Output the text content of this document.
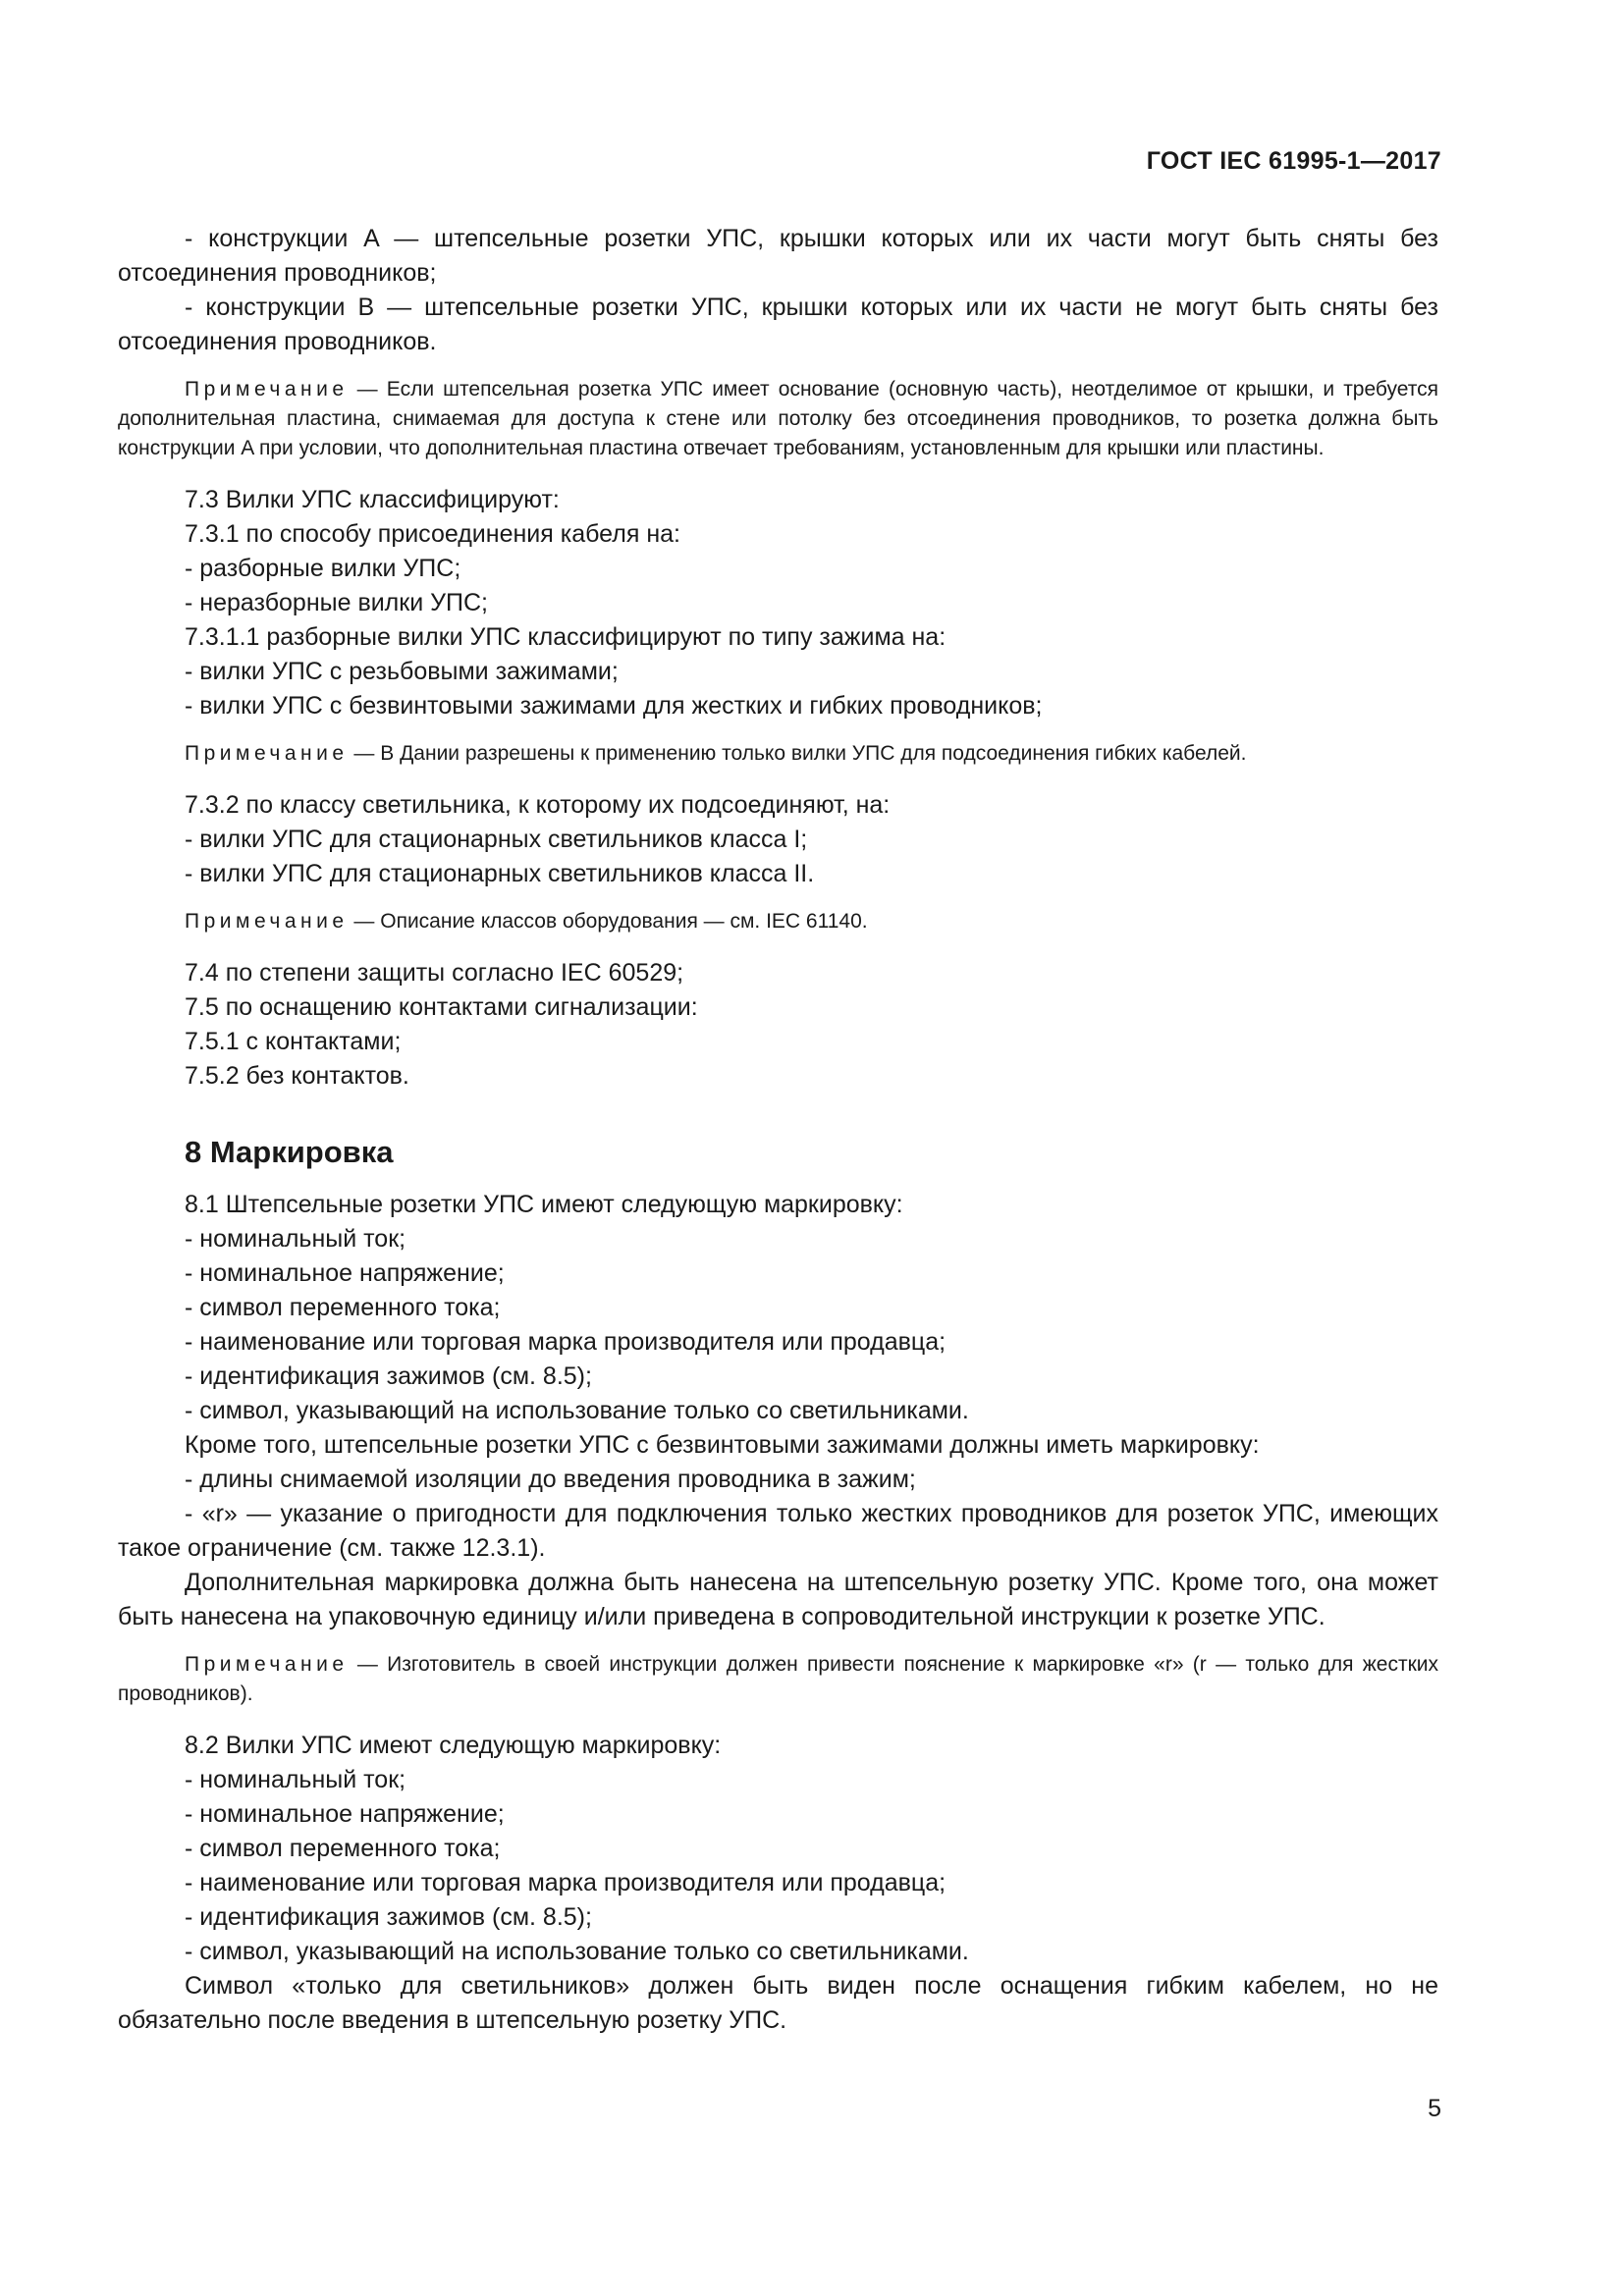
ГОСТ IEC 61995-1—2017

- конструкции A — штепсельные розетки УПС, крышки которых или их части могут быть сняты без отсоединения проводников;

- конструкции B — штепсельные розетки УПС, крышки которых или их части не могут быть сняты без отсоединения проводников.

Примечание — Если штепсельная розетка УПС имеет основание (основную часть), неотделимое от крышки, и требуется дополнительная пластина, снимаемая для доступа к стене или потолку без отсоединения проводников, то розетка должна быть конструкции A при условии, что дополнительная пластина отвечает требованиям, установленным для крышки или пластины.

7.3 Вилки УПС классифицируют:

7.3.1 по способу присоединения кабеля на:

- разборные вилки УПС;

- неразборные вилки УПС;

7.3.1.1 разборные вилки УПС классифицируют по типу зажима на:

- вилки УПС с резьбовыми зажимами;

- вилки УПС с безвинтовыми зажимами для жестких и гибких проводников;

Примечание — В Дании разрешены к применению только вилки УПС для подсоединения гибких кабелей.

7.3.2 по классу светильника, к которому их подсоединяют, на:

- вилки УПС для стационарных светильников класса I;

- вилки УПС для стационарных светильников класса II.

Примечание — Описание классов оборудования — см. IEC 61140.

7.4 по степени защиты согласно IEC 60529;

7.5 по оснащению контактами сигнализации:

7.5.1 с контактами;

7.5.2 без контактов.

8 Маркировка

8.1 Штепсельные розетки УПС имеют следующую маркировку:

- номинальный ток;

- номинальное напряжение;

- символ переменного тока;

- наименование или торговая марка производителя или продавца;

- идентификация зажимов (см. 8.5);

- символ, указывающий на использование только со светильниками.

Кроме того, штепсельные розетки УПС с безвинтовыми зажимами должны иметь маркировку:

- длины снимаемой изоляции до введения проводника в зажим;

- «r» — указание о пригодности для подключения только жестких проводников для розеток УПС, имеющих такое ограничение (см. также 12.3.1).

Дополнительная маркировка должна быть нанесена на штепсельную розетку УПС. Кроме того, она может быть нанесена на упаковочную единицу и/или приведена в сопроводительной инструкции к розетке УПС.

Примечание — Изготовитель в своей инструкции должен привести пояснение к маркировке «r» (r — только для жестких проводников).

8.2 Вилки УПС имеют следующую маркировку:

- номинальный ток;

- номинальное напряжение;

- символ переменного тока;

- наименование или торговая марка производителя или продавца;

- идентификация зажимов (см. 8.5);

- символ, указывающий на использование только со светильниками.

Символ «только для светильников» должен быть виден после оснащения гибким кабелем, но не обязательно после введения в штепсельную розетку УПС.

5
